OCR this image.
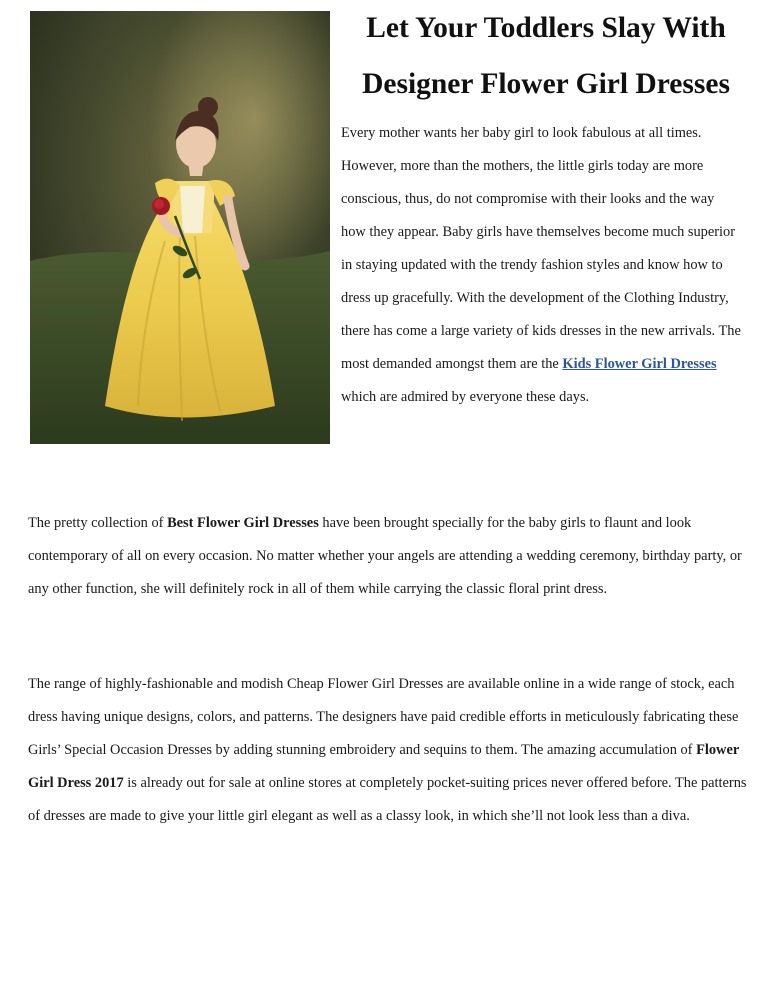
Let Your Toddlers Slay With Designer Flower Girl Dresses

Every mother wants her baby girl to look fabulous at all times. However, more than the mothers, the little girls today are more conscious, thus, do not compromise with their looks and the way how they appear. Baby girls have themselves become much superior in staying updated with the trendy fashion styles and know how to dress up gracefully. With the development of the Clothing Industry, there has come a large variety of kids dresses in the new arrivals. The most demanded amongst them are the Kids Flower Girl Dresses which are admired by everyone these days.

The pretty collection of Best Flower Girl Dresses have been brought specially for the baby girls to flaunt and look contemporary of all on every occasion. No matter whether your angels are attending a wedding ceremony, birthday party, or any other function, she will definitely rock in all of them while carrying the classic floral print dress.

The range of highly-fashionable and modish Cheap Flower Girl Dresses are available online in a wide range of stock, each dress having unique designs, colors, and patterns. The designers have paid credible efforts in meticulously fabricating these Girls’ Special Occasion Dresses by adding stunning embroidery and sequins to them. The amazing accumulation of Flower Girl Dress 2017 is already out for sale at online stores at completely pocket-suiting prices never offered before. The patterns of dresses are made to give your little girl elegant as well as a classy look, in which she’ll not look less than a diva.
